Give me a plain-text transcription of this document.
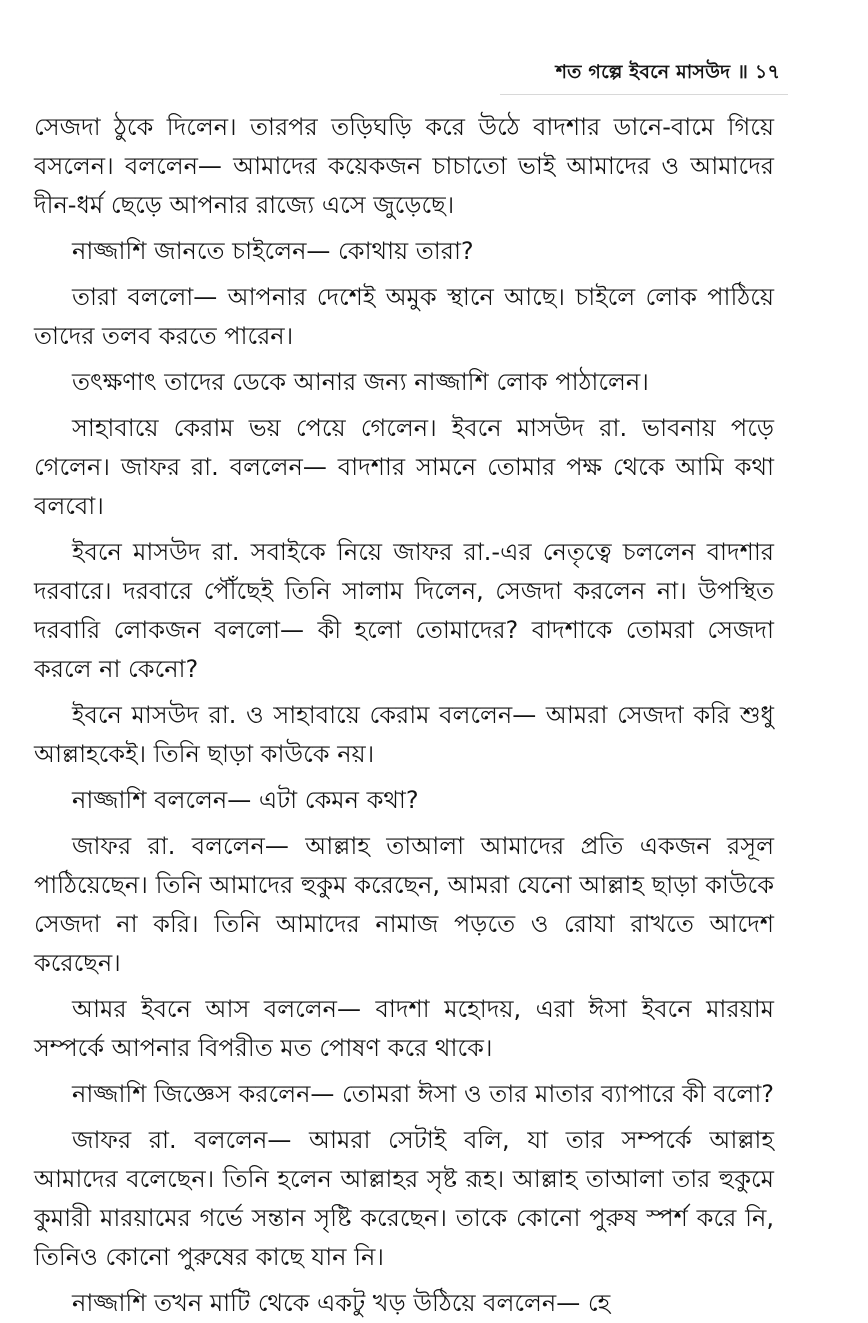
শত গল্পে ইবনে মাসউদ ॥ ১৭

সেজদা ঠুকে দিলেন। তারপর তড়িঘড়ি করে উঠে বাদশার ডানে-বামে গিয়ে বসলেন। বললেন— আমাদের কয়েকজন চাচাতো ভাই আমাদের ও আমাদের দীন-ধর্ম ছেড়ে আপনার রাজ্যে এসে জুড়েছে।

নাজ্জাশি জানতে চাইলেন— কোথায় তারা?

তারা বললো— আপনার দেশেই অমুক স্থানে আছে। চাইলে লোক পাঠিয়ে তাদের তলব করতে পারেন।

তৎক্ষণাৎ তাদের ডেকে আনার জন্য নাজ্জাশি লোক পাঠালেন।

সাহাবায়ে কেরাম ভয় পেয়ে গেলেন। ইবনে মাসউদ রা. ভাবনায় পড়ে গেলেন। জাফর রা. বললেন— বাদশার সামনে তোমার পক্ষ থেকে আমি কথা বলবো।

ইবনে মাসউদ রা. সবাইকে নিয়ে জাফর রা.-এর নেতৃত্বে চললেন বাদশার দরবারে। দরবারে পৌঁছেই তিনি সালাম দিলেন, সেজদা করলেন না। উপস্থিত দরবারি লোকজন বললো— কী হলো তোমাদের? বাদশাকে তোমরা সেজদা করলে না কেনো?

ইবনে মাসউদ রা. ও সাহাবায়ে কেরাম বললেন— আমরা সেজদা করি শুধু আল্লাহকেই। তিনি ছাড়া কাউকে নয়।

নাজ্জাশি বললেন— এটা কেমন কথা?

জাফর রা. বললেন— আল্লাহ তাআলা আমাদের প্রতি একজন রসূল পাঠিয়েছেন। তিনি আমাদের হুকুম করেছেন, আমরা যেনো আল্লাহ ছাড়া কাউকে সেজদা না করি। তিনি আমাদের নামাজ পড়তে ও রোযা রাখতে আদেশ করেছেন।

আমর ইবনে আস বললেন— বাদশা মহোদয়, এরা ঈসা ইবনে মারয়াম সম্পর্কে আপনার বিপরীত মত পোষণ করে থাকে।

নাজ্জাশি জিজ্ঞেস করলেন— তোমরা ঈসা ও তার মাতার ব্যাপারে কী বলো?

জাফর রা. বললেন— আমরা সেটাই বলি, যা তার সম্পর্কে আল্লাহ আমাদের বলেছেন। তিনি হলেন আল্লাহর সৃষ্ট রূহ। আল্লাহ তাআলা তার হুকুমে কুমারী মারয়ামের গর্ভে সন্তান সৃষ্টি করেছেন। তাকে কোনো পুরুষ স্পর্শ করে নি, তিনিও কোনো পুরুষের কাছে যান নি।

নাজ্জাশি তখন মাটি থেকে একটু খড় উঠিয়ে বললেন— হে
